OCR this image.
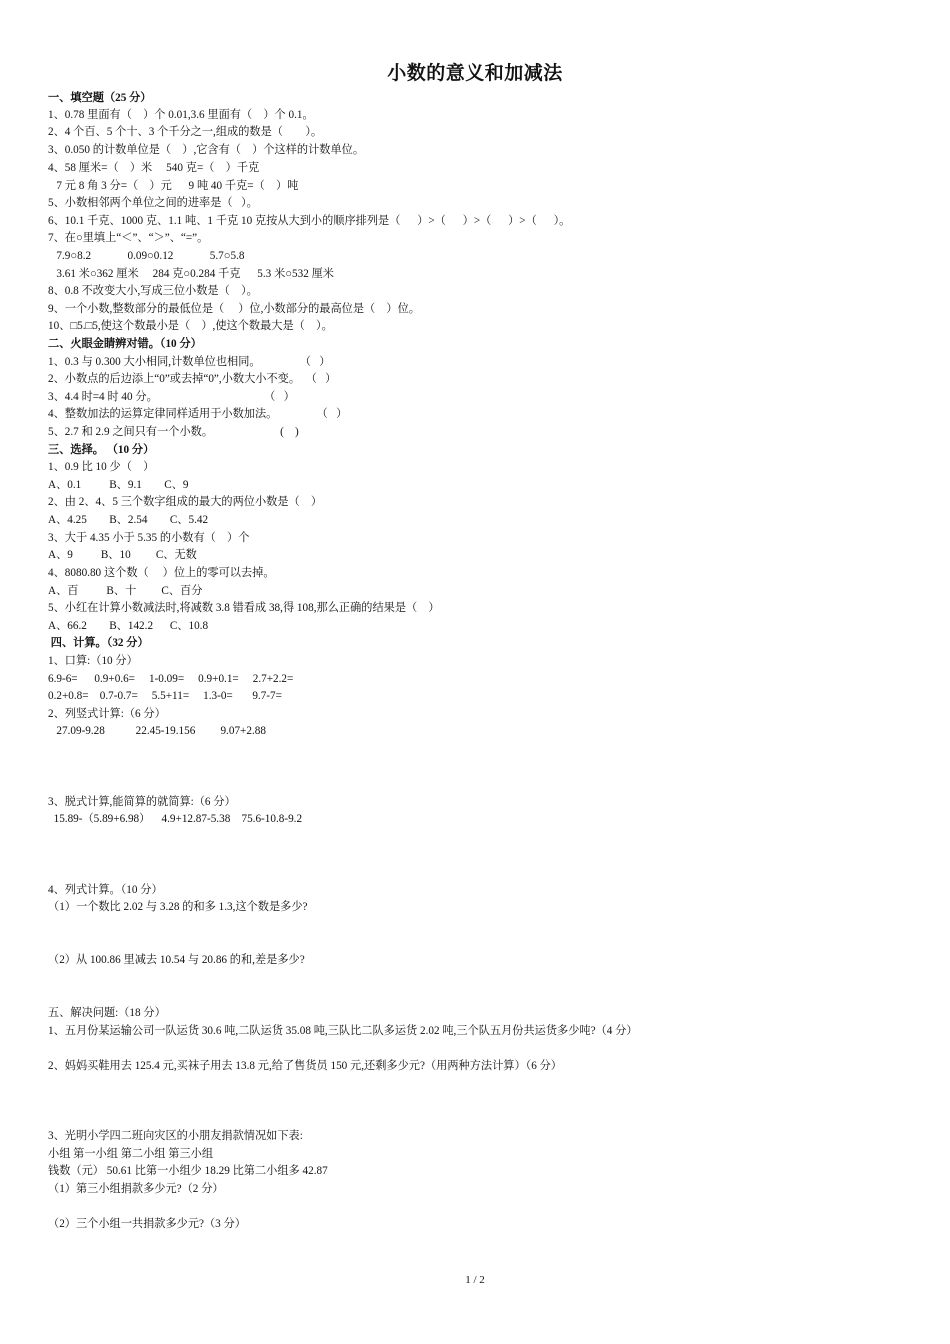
小数的意义和加减法
一、填空题（25 分）
1、0.78 里面有（    ）个 0.01,3.6 里面有（    ）个 0.1。
2、4 个百、5 个十、3 个千分之一,组成的数是（        ）。
3、0.050 的计数单位是（    ）,它含有（    ）个这样的计数单位。
4、58 厘米=（    ）米     540 克=（    ）千克
7 元 8 角 3 分=（    ）元      9 吨 40 千克=（    ）吨
5、小数相邻两个单位之间的进率是（   ）。
6、10.1 千克、1000 克、1.1 吨、1 千克 10 克按从大到小的顺序排列是（      ）>（      ）>（      ）>（      ）。
7、在○里填上“＜”、“＞”、“=”。
7.9○8.2             0.09○0.12             5.7○5.8
3.61 米○362 厘米     284 克○0.284 千克      5.3 米○532 厘米
8、0.8 不改变大小,写成三位小数是（    ）。
9、一个小数,整数部分的最低位是（     ）位,小数部分的最高位是（    ）位。
10、□5.□5,使这个数最小是（    ）,使这个数最大是（    ）。
二、火眼金睛辨对错。（10 分）
1、0.3 与 0.300 大小相同,计数单位也相同。              （   ）
2、小数点的后边添上“0”或去掉“0”,小数大小不变。  （   ）
3、4.4 时=4 时 40 分。                                      （   ）
4、整数加法的运算定律同样适用于小数加法。              （   ）
5、2.7 和 2.9 之间只有一个小数。                        (    )
三、选择。 （10 分）
1、0.9 比 10 少（    ）
A、0.1          B、9.1        C、9
2、由 2、4、5 三个数字组成的最大的两位小数是（    ）
A、4.25        B、2.54        C、5.42
3、大于 4.35 小于 5.35 的小数有（    ）个
A、9          B、10         C、无数
4、8080.80 这个数（     ）位上的零可以去掉。
A、百          B、十         C、百分
5、小红在计算小数减法时,将减数 3.8 错看成 38,得 108,那么正确的结果是（    ）
A、66.2        B、142.2      C、10.8
四、计算。（32 分）
1、口算:（10 分）
6.9-6=      0.9+0.6=     1-0.09=     0.9+0.1=     2.7+2.2=
0.2+0.8=    0.7-0.7=     5.5+11=     1.3-0=       9.7-7=
2、列竖式计算:（6 分）
27.09-9.28           22.45-19.156         9.07+2.88
3、脱式计算,能简算的就简算:（6 分）
15.89-（5.89+6.98）    4.9+12.87-5.38    75.6-10.8-9.2
4、列式计算。（10 分）
（1）一个数比 2.02 与 3.28 的和多 1.3,这个数是多少?
（2）从 100.86 里减去 10.54 与 20.86 的和,差是多少?
五、解决问题:（18 分）
1、五月份某运输公司一队运货 30.6 吨,二队运货 35.08 吨,三队比二队多运货 2.02 吨,三个队五月份共运货多少吨?（4 分）
2、妈妈买鞋用去 125.4 元,买袜子用去 13.8 元,给了售货员 150 元,还剩多少元?（用两种方法计算）（6 分）
3、光明小学四二班向灾区的小朋友捐款情况如下表:
小组 第一小组 第二小组 第三小组
钱数（元） 50.61 比第一小组少 18.29 比第二小组多 42.87
（1）第三小组捐款多少元?（2 分）
（2）三个小组一共捐款多少元?（3 分）
1 / 2
